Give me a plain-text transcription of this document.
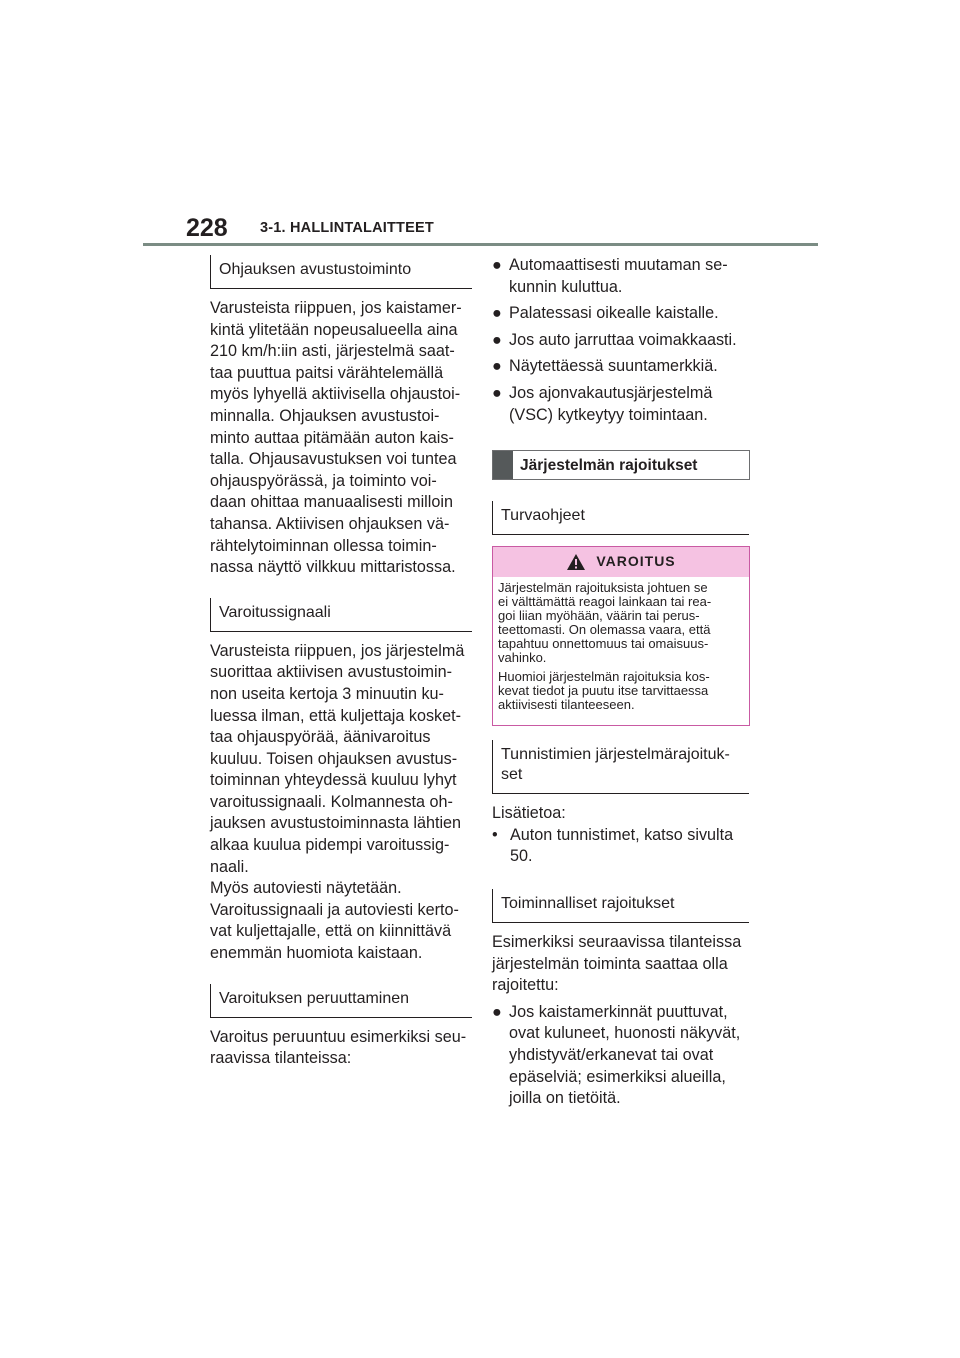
228 3-1. HALLINTALAITTEET
Ohjauksen avustustoiminto
Varusteista riippuen, jos kaistamer-
kintä ylitetään nopeusalueella aina
210 km/h:iin asti, järjestelmä saat-
taa puuttua paitsi värähtelemällä
myös lyhyellä aktiivisella ohjaustoi-
minnalla. Ohjauksen avustustoi-
minto auttaa pitämään auton kais-
talla. Ohjausavustuksen voi tuntea
ohjauspyörässä, ja toiminto voi-
daan ohittaa manuaalisesti milloin
tahansa. Aktiivisen ohjauksen vä-
rähtelytoiminnan ollessa toimin-
nassa näyttö vilkkuu mittaristossa.
Varoitussignaali
Varusteista riippuen, jos järjestelmä
suorittaa aktiivisen avustustoimin-
non useita kertoja 3 minuutin ku-
luessa ilman, että kuljettaja kosket-
taa ohjauspyörää, äänivaroitus
kuuluu. Toisen ohjauksen avustus-
toiminnan yhteydessä kuuluu lyhyt
varoitussignaali. Kolmannesta oh-
jauksen avustustoiminnasta lähtien
alkaa kuulua pidempi varoitussig-
naali.
Myös autoviesti näytetään.
Varoitussignaali ja autoviesti kerto-
vat kuljettajalle, että on kiinnittävä
enemmän huomiota kaistaan.
Varoituksen peruuttaminen
Varoitus peruuntuu esimerkiksi seu-
raavissa tilanteissa:
● Automaattisesti muutaman se-
kunnin kuluttua.
● Palatessasi oikealle kaistalle.
● Jos auto jarruttaa voimakkaasti.
● Näytettäessä suuntamerkkiä.
● Jos ajonvakautusjärjestelmä
(VSC) kytkeytyy toimintaan.
Järjestelmän rajoitukset
Turvaohjeet
VAROITUS

Järjestelmän rajoituksista johtuen se
ei välttämättä reagoi lainkaan tai rea-
goi liian myöhään, väärin tai perus-
teettomasti. On olemassa vaara, että
tapahtuu onnettomuus tai omaisuus-
vahinko.

Huomioi järjestelmän rajoituksia kos-
kevat tiedot ja puutu itse tarvittaessa
aktiivisesti tilanteeseen.

Tunnistimien järjestelmärajoituk-
set
Lisätietoa:
• Auton tunnistimet, katso sivulta
50.
Toiminnalliset rajoitukset
Esimerkiksi seuraavissa tilanteissa
järjestelmän toiminta saattaa olla
rajoitettu:
● Jos kaistamerkinnät puuttuvat,
ovat kuluneet, huonosti näkyvät,
yhdistyvät/erkanevat tai ovat
epäselviä; esimerkiksi alueilla,
joilla on tietöitä.
